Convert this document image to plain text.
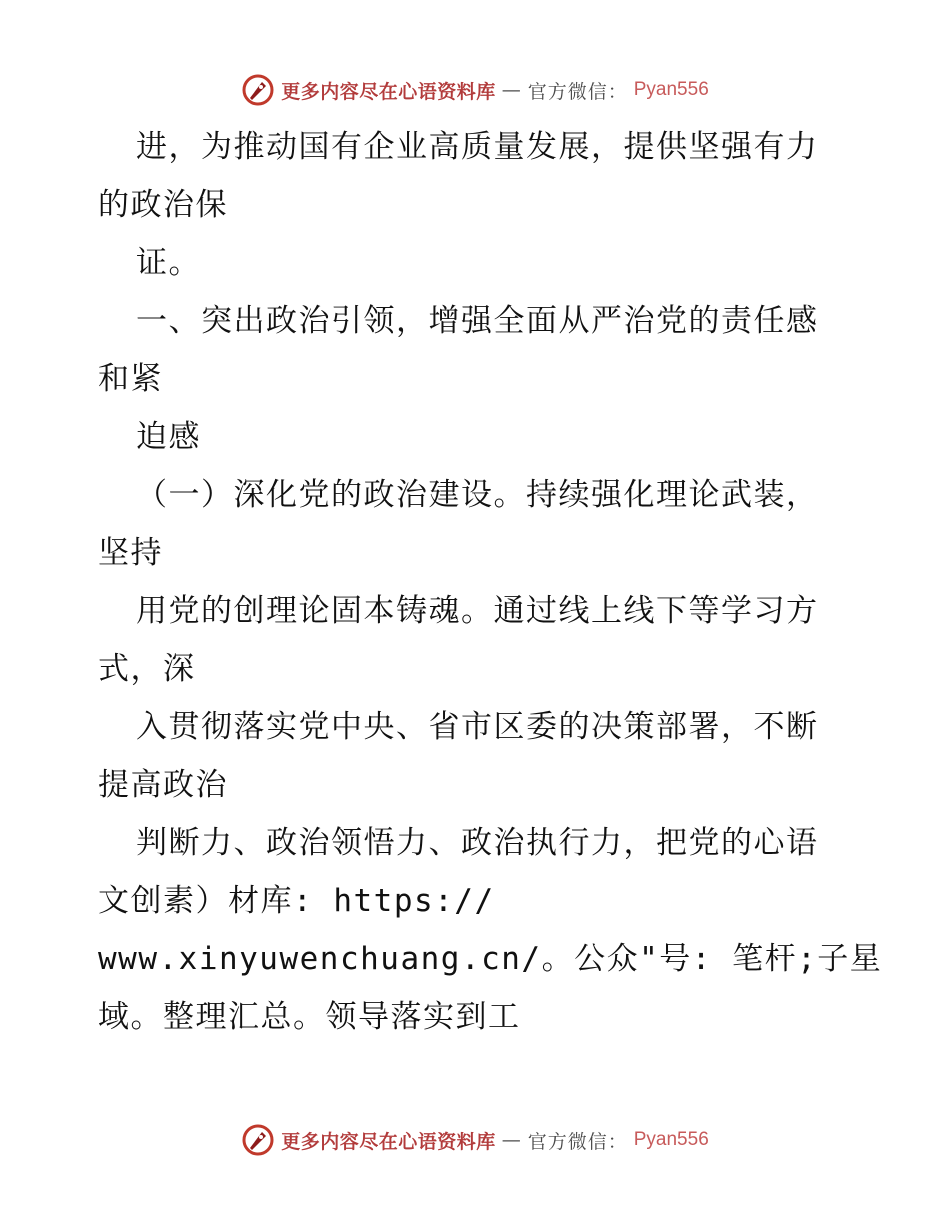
更多内容尽在心语资料库 — 官方微信： Pyan556
进，为推动国有企业高质量发展，提供坚强有力
的政治保
证。
一、突出政治引领，增强全面从严治党的责任感
和紧
迫感
（一）深化党的政治建设。持续强化理论武装，
坚持
用党的创理论固本铸魂。通过线上线下等学习方
式，深
入贯彻落实党中央、省市区委的决策部署，不断
提高政治
判断力、政治领悟力、政治执行力，把党的心语
文创素）材库: https://
www.xinyuwenchuang.cn/。公众"号: 笔杆;子星
域。整理汇总。领导落实到工
更多内容尽在心语资料库 — 官方微信： Pyan556
